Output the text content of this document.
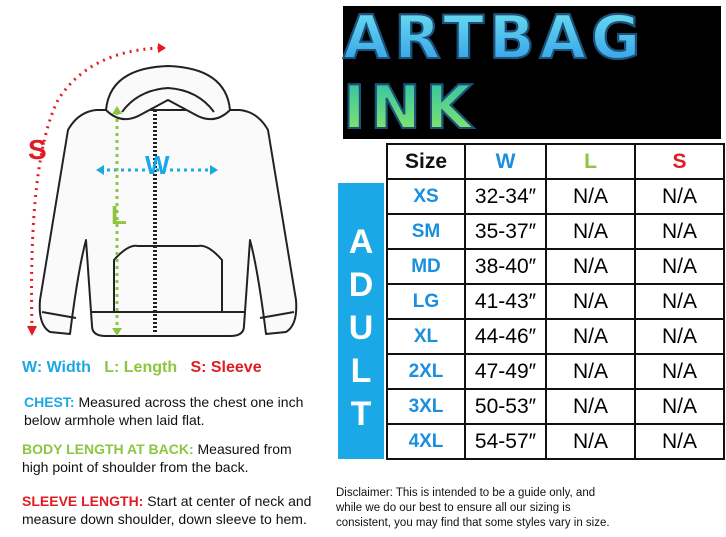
W
L
S
ARTBAG INK
A
D
U
L
T
Size	W	L	S
XS	32-34″	N/A	N/A
SM	35-37″	N/A	N/A
MD	38-40″	N/A	N/A
LG	41-43″	N/A	N/A
XL	44-46″	N/A	N/A
2XL	47-49″	N/A	N/A
3XL	50-53″	N/A	N/A
4XL	54-57″	N/A	N/A
W: Width L: Length S: Sleeve
CHEST: Measured across the chest one inch below armhole when laid flat.
BODY LENGTH AT BACK: Measured from high point of shoulder from the back.
SLEEVE LENGTH: Start at center of neck and measure down shoulder, down sleeve to hem.
Disclaimer: This is intended to be a guide only, and while we do our best to ensure all our sizing is consistent, you may find that some styles vary in size.
